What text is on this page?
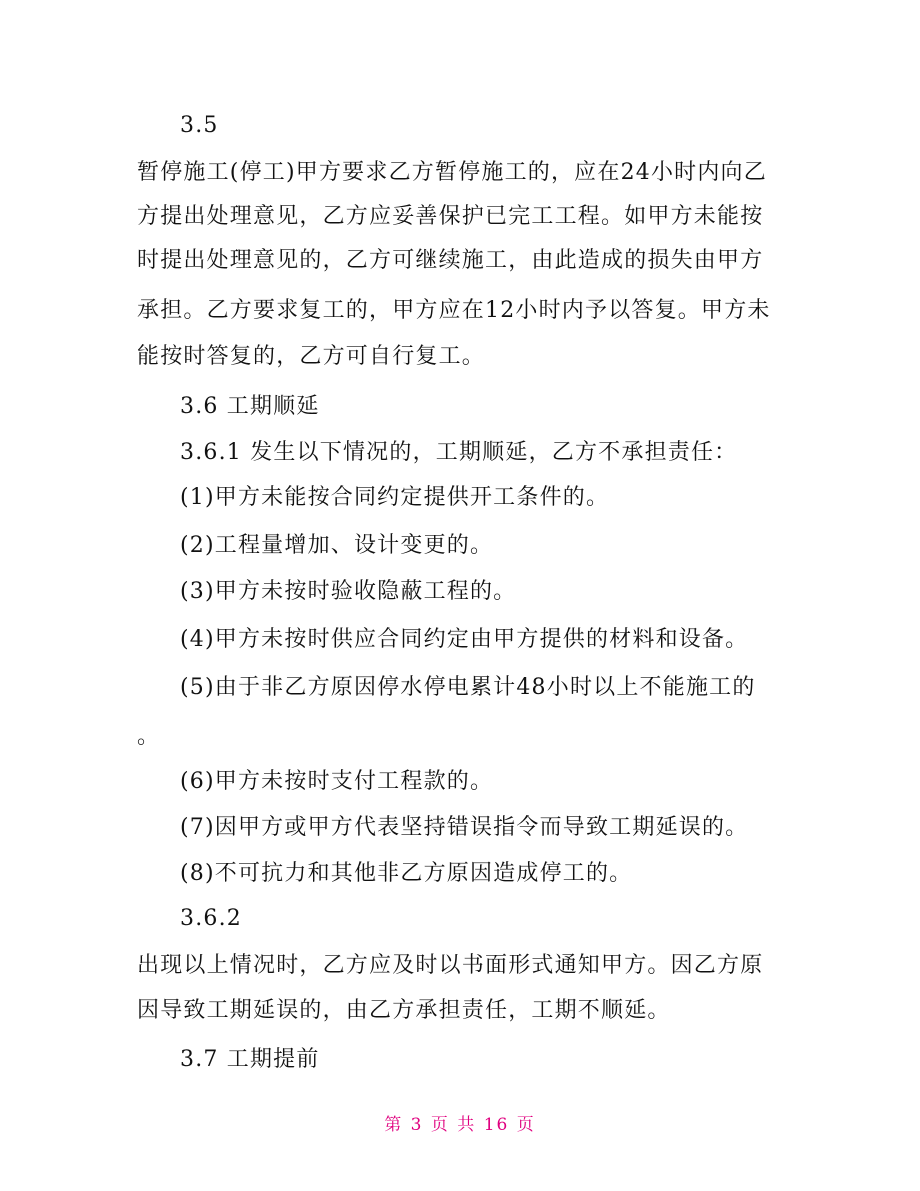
3.5
暂停施工(停工)甲方要求乙方暂停施工的，应在24小时内向乙
方提出处理意见，乙方应妥善保护已完工工程。如甲方未能按
时提出处理意见的，乙方可继续施工，由此造成的损失由甲方
承担。乙方要求复工的，甲方应在12小时内予以答复。甲方未
能按时答复的，乙方可自行复工。
3.6 工期顺延
3.6.1 发生以下情况的，工期顺延，乙方不承担责任：
(1)甲方未能按合同约定提供开工条件的。
(2)工程量增加、设计变更的。
(3)甲方未按时验收隐蔽工程的。
(4)甲方未按时供应合同约定由甲方提供的材料和设备。
(5)由于非乙方原因停水停电累计48小时以上不能施工的
。
(6)甲方未按时支付工程款的。
(7)因甲方或甲方代表坚持错误指令而导致工期延误的。
(8)不可抗力和其他非乙方原因造成停工的。
3.6.2
出现以上情况时，乙方应及时以书面形式通知甲方。因乙方原
因导致工期延误的，由乙方承担责任，工期不顺延。
3.7 工期提前
第 3 页 共 16 页
